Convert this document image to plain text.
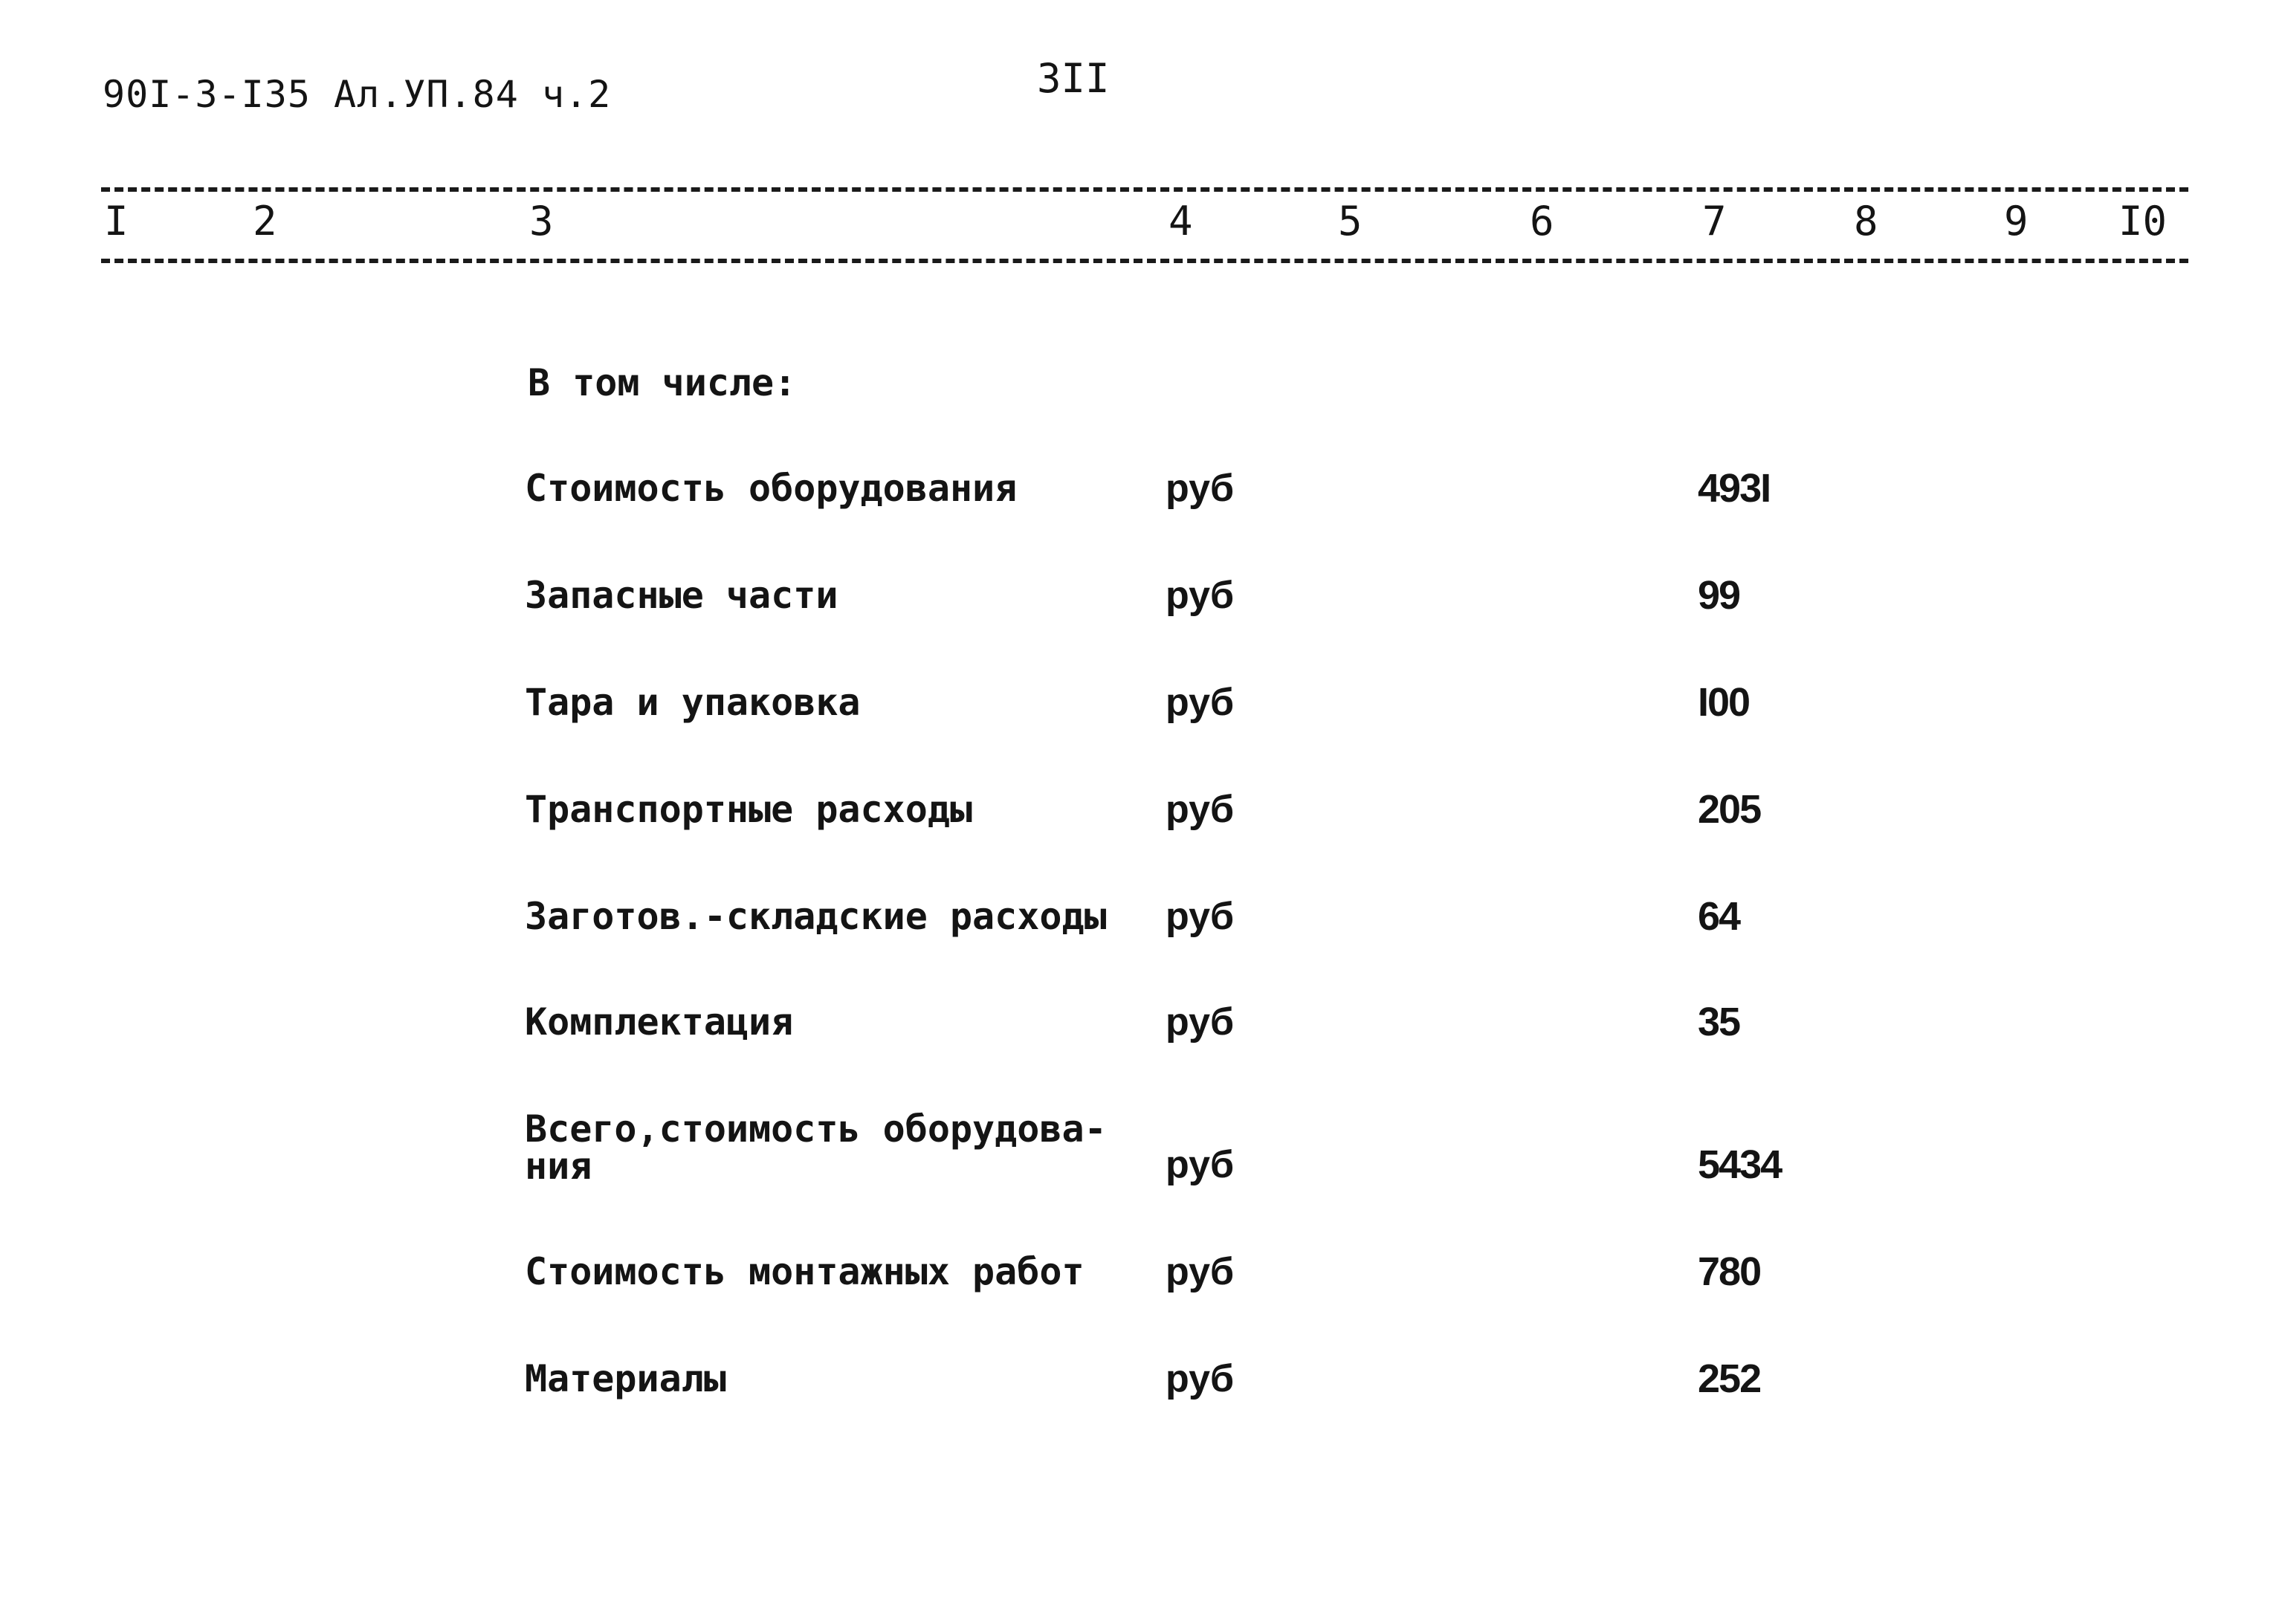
90I-3-I35 Ал.УП.84 ч.2	3II
I	2	3	4	5	6	7	8	9 I0
В том числе:
Стоимость оборудования	руб	493I
Запасные части	руб	99
Тара и упаковка	руб	I00
Транспортные расходы	руб	205
Заготов.-складские расходы руб	64
Комплектация	руб	35
Всего,стоимость оборудова-
ния	руб	5434
Стоимость монтажных работ руб	780
Материалы	руб	252
